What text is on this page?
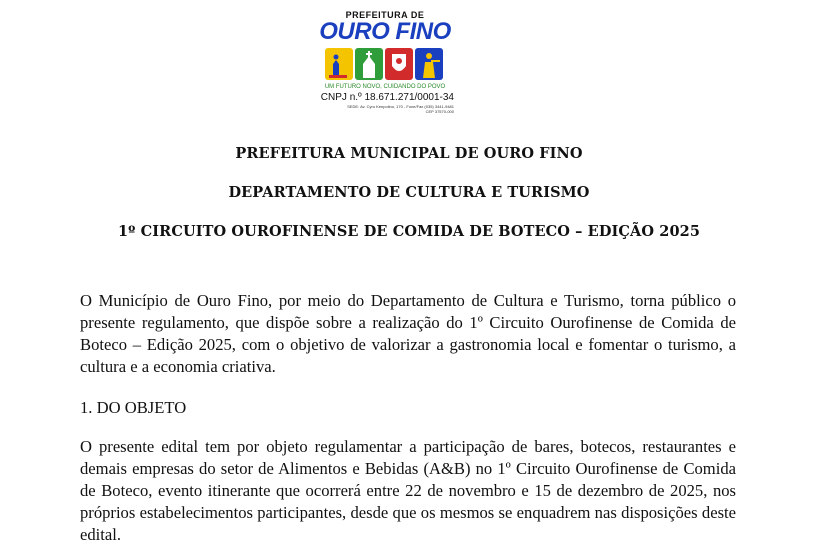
PREFEITURA DE
OURO FINO
UM FUTURO NOVO, CUIDANDO DO POVO
CNPJ n.º 18.671.271/0001-34
SEDE: Av. Cyro Kenpolino, 170 - Fone/Fax (035) 3441-9481
CEP 37570-000
PREFEITURA MUNICIPAL DE OURO FINO
DEPARTAMENTO DE CULTURA E TURISMO
1º CIRCUITO OUROFINENSE DE COMIDA DE BOTECO – EDIÇÃO 2025

O Município de Ouro Fino, por meio do Departamento de Cultura e Turismo, torna público o presente regulamento, que dispõe sobre a realização do 1º Circuito Ourofinense de Comida de Boteco – Edição 2025, com o objetivo de valorizar a gastronomia local e fomentar o turismo, a cultura e a economia criativa.

1. DO OBJETO

O presente edital tem por objeto regulamentar a participação de bares, botecos, restaurantes e demais empresas do setor de Alimentos e Bebidas (A&B) no 1º Circuito Ourofinense de Comida de Boteco, evento itinerante que ocorrerá entre 22 de novembro e 15 de dezembro de 2025, nos próprios estabelecimentos participantes, desde que os mesmos se enquadrem nas disposições deste edital.
